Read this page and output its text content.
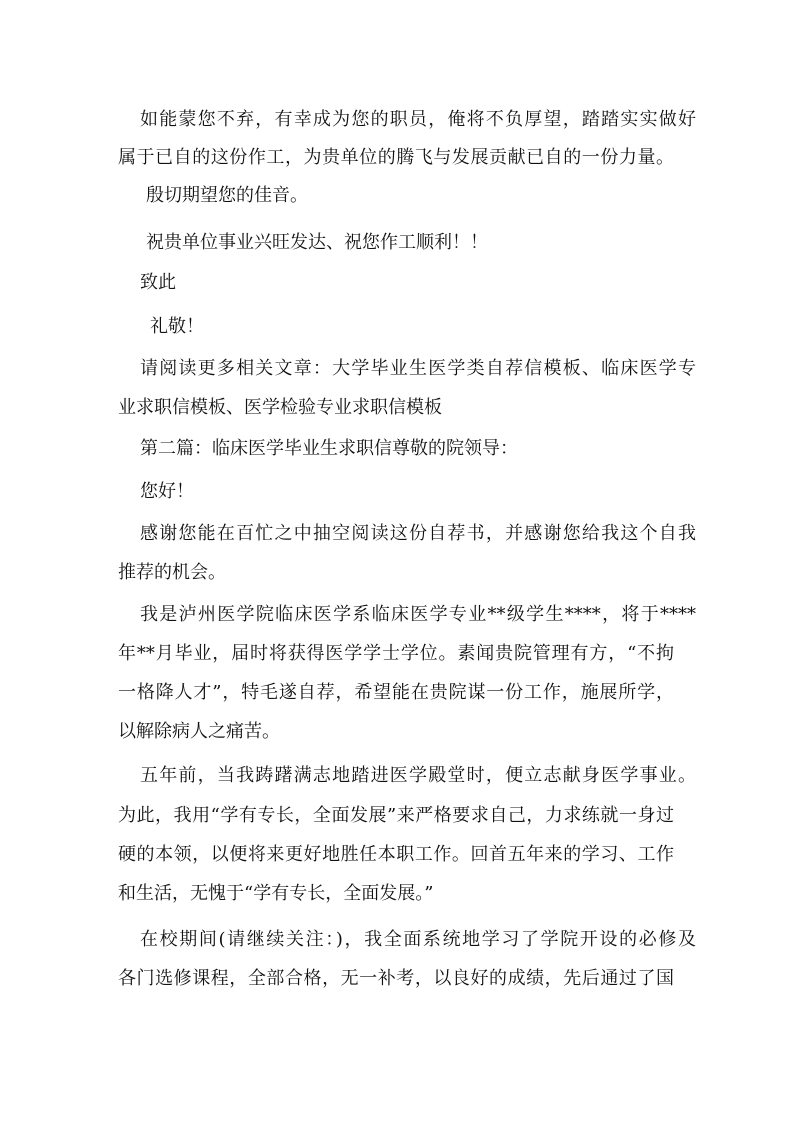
如能蒙您不弃，有幸成为您的职员，俺将不负厚望，踏踏实实做好
属于已自的这份作工，为贵单位的腾飞与发展贡献已自的一份力量。
殷切期望您的佳音。
祝贵单位事业兴旺发达、祝您作工顺利！！
致此
礼敬！
请阅读更多相关文章：大学毕业生医学类自荐信模板、临床医学专
业求职信模板、医学检验专业求职信模板
第二篇：临床医学毕业生求职信尊敬的院领导：
您好！
感谢您能在百忙之中抽空阅读这份自荐书，并感谢您给我这个自我
推荐的机会。
我是泸州医学院临床医学系临床医学专业**级学生****，将于****
年**月毕业，届时将获得医学学士学位。素闻贵院管理有方，“不拘
一格降人才”，特毛遂自荐，希望能在贵院谋一份工作，施展所学，
以解除病人之痛苦。
五年前，当我踌躇满志地踏进医学殿堂时，便立志献身医学事业。
为此，我用“学有专长，全面发展”来严格要求自己，力求练就一身过
硬的本领，以便将来更好地胜任本职工作。回首五年来的学习、工作
和生活，无愧于“学有专长，全面发展。”
在校期间(请继续关注：)，我全面系统地学习了学院开设的必修及
各门选修课程，全部合格，无一补考，以良好的成绩，先后通过了国
